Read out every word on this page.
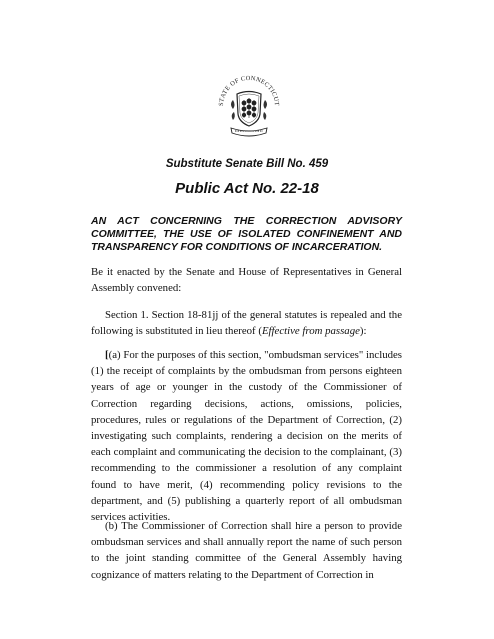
STATE OF CONNECTICUT
Substitute Senate Bill No. 459
Public Act No. 22-18
AN ACT CONCERNING THE CORRECTION ADVISORY COMMITTEE, THE USE OF ISOLATED CONFINEMENT AND TRANSPARENCY FOR CONDITIONS OF INCARCERATION.

Be it enacted by the Senate and House of Representatives in General Assembly convened:

Section 1. Section 18-81jj of the general statutes is repealed and the following is substituted in lieu thereof (Effective from passage):

[(a) For the purposes of this section, "ombudsman services" includes (1) the receipt of complaints by the ombudsman from persons eighteen years of age or younger in the custody of the Commissioner of Correction regarding decisions, actions, omissions, policies, procedures, rules or regulations of the Department of Correction, (2) investigating such complaints, rendering a decision on the merits of each complaint and communicating the decision to the complainant, (3) recommending to the commissioner a resolution of any complaint found to have merit, (4) recommending policy revisions to the department, and (5) publishing a quarterly report of all ombudsman services activities.

(b) The Commissioner of Correction shall hire a person to provide ombudsman services and shall annually report the name of such person to the joint standing committee of the General Assembly having cognizance of matters relating to the Department of Correction in
